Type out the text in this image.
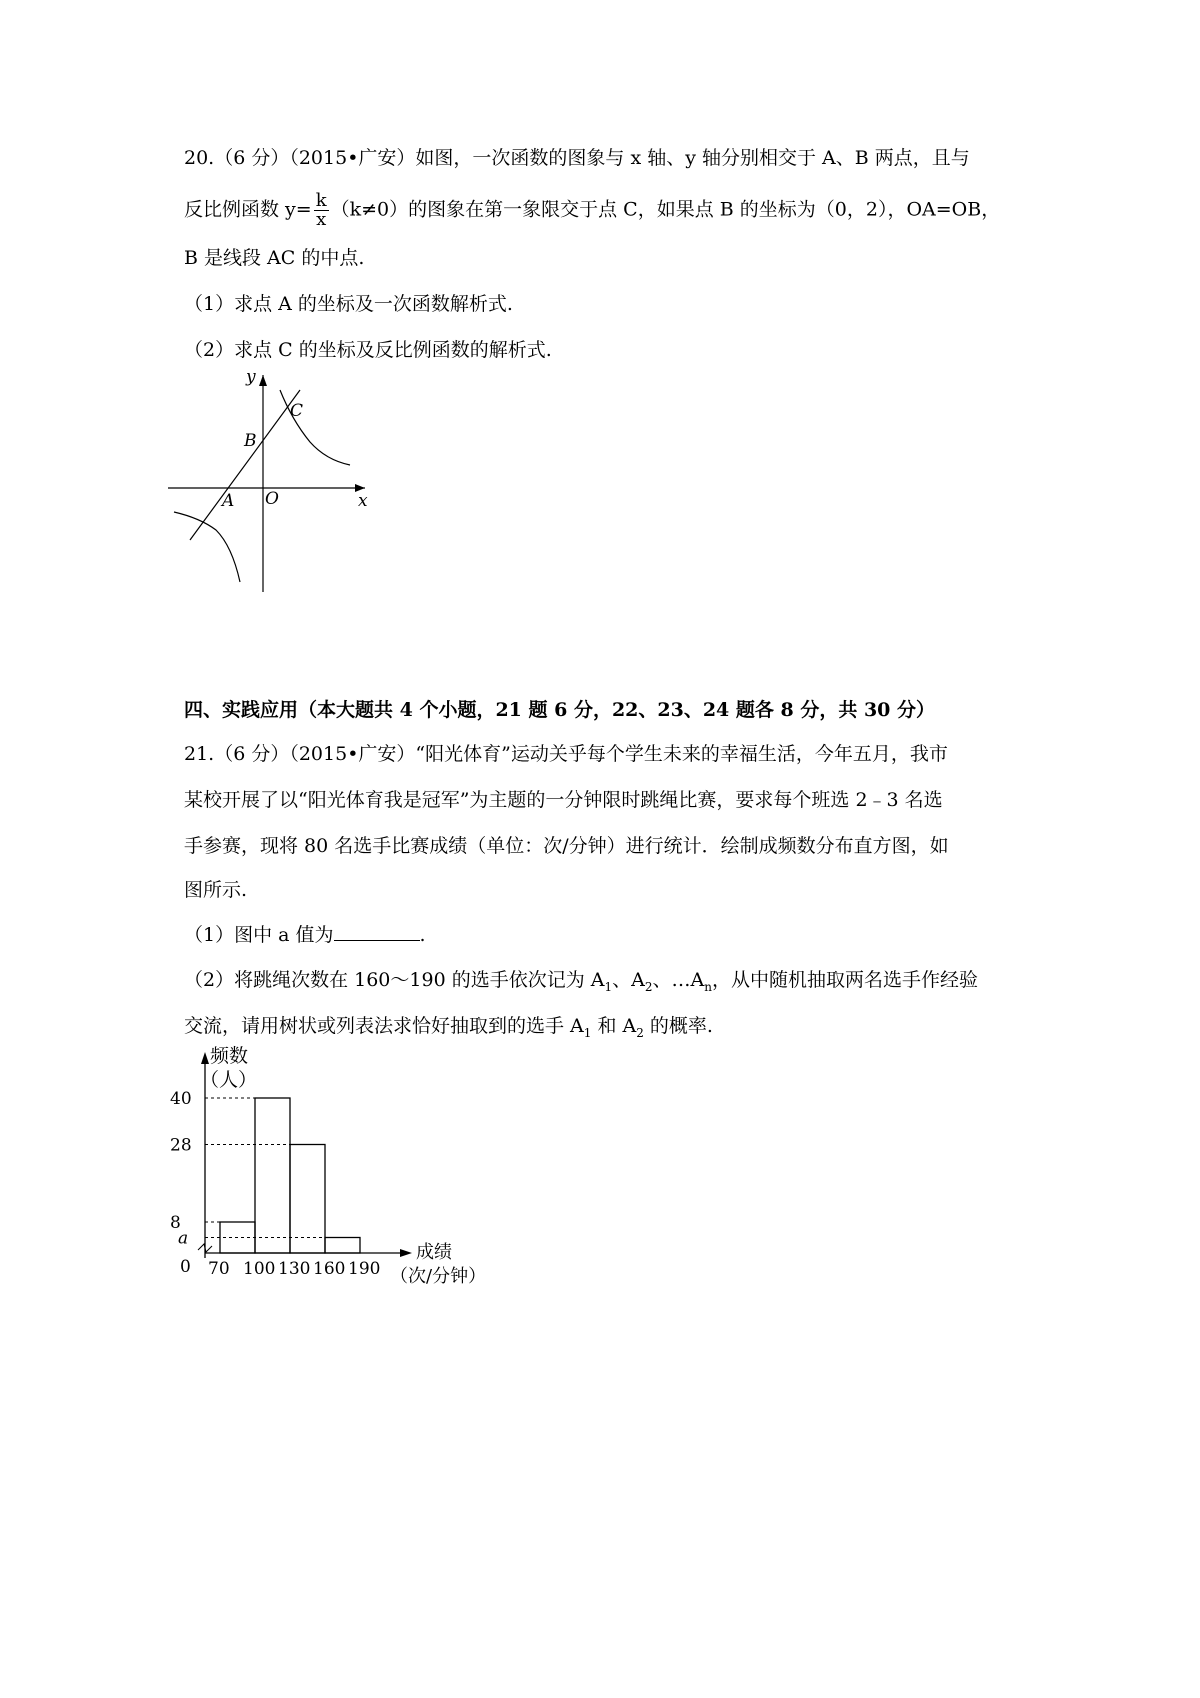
20.（6 分）（2015•广安）如图，一次函数的图象与 x 轴、y 轴分别相交于 A、B 两点，且与
反比例函数 $y= \frac{k}{x} (k\ne 0)$的图象在第一象限交于点 C，如果点 B 的坐标为（0，2），OA=OB，
B 是线段 AC 的中点.
（1）求点 A 的坐标及一次函数解析式.
（2）求点 C 的坐标及反比例函数的解析式.
y
x
C
B
A O
四、实践应用（本大题共 4 个小题，21 题 6 分，22、23、24 题各 8 分，共 30 分）
21.（6 分）（2015•广安）“阳光体育”运动关乎每个学生未来的幸福生活，今年五月，我市
某校开展了以“阳光体育我是冠军”为主题的一分钟限时跳绳比赛，要求每个班选 2﹣3 名选
手参赛，现将 80 名选手比赛成绩（单位：次/分钟）进行统计．绘制成频数分布直方图，如
图所示.
（1）图中 a 值为	.
（2）将跳绳次数在 160～190 的选手依次记为 $A_1$、$A_2$、$\dots A_n$，从中随机抽取两名选手作经验
交流，请用树状或列表法求恰好抽取到的选手 $A_1$ 和 $A_2$ 的概率.
频数
（人）
成绩
（次/分钟）
0
40
28
8
a
70 100 130 160 190
